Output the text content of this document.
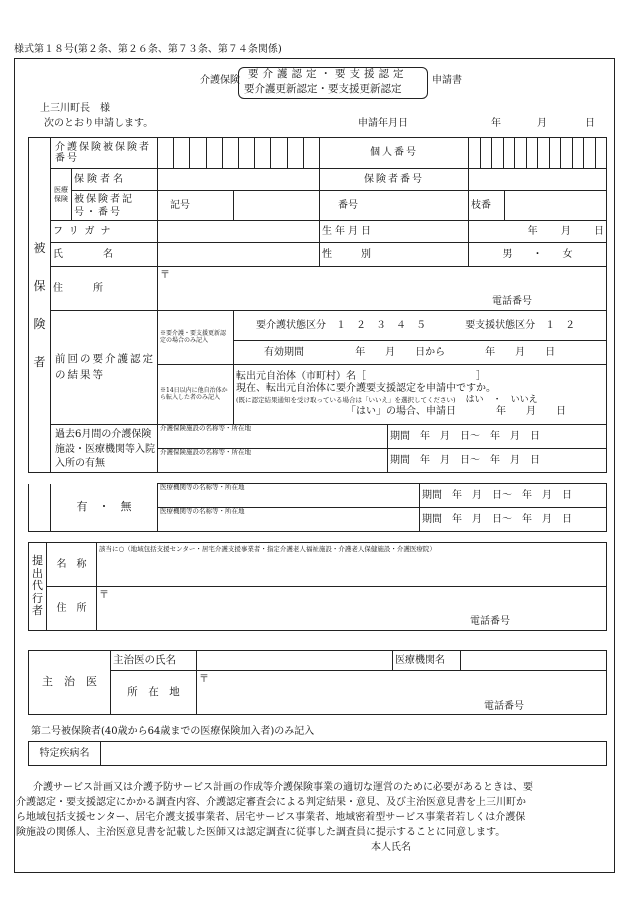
様式第１８号(第２条、第２６条、第７３条、第７４条関係)
介護保険
要介護認定・要支援認定
要介護更新認定・要支援更新認定
申請書
上三川町長　様
次のとおり申請します。	申請年月日	年	月	日
被保険者	介護保険被保険者番号				個人番号			

	医療保険	保険者名			保険者番号			
		被保険者記号・番号	記号	番号			枝番	
	フリガナ				生年月日		年　　 月　　 日	
	氏　　　　名				性　　別		男　　・　　女	
	住　　　所		〒
電話番号					

	前回の要介護認定の結果等		※要介護・要支援更新認定の場合のみ記入	要介護状態区分　１　２　３　４　５ 要支援状態区分　１　２				
				有効期間 年　　月　　日から　　　　年　　月　　日				
			※14日以内に他自治体から転入した者のみ記入	転出元自治体（市町村）名［　　　　　　　　　　　］
現在、転出元自治体に要介護要支援認定を申請中ですか。
(既に認定結果通知を受け取っている場合は「いいえ」を選択してください) はい　・　いいえ
「はい」の場合、申請日　　　　年　　月　　日				

	過去6月間の介護保険施設・医療機関等入院入所の有無		介護保険施設の名称等・所在地			期間　年　月　日～　年　月　日		
			介護保険施設の名称等・所在地			期間　年　月　日～　年　月　日		
	有　・　無	医療機関等の名称等・所在地	期間　年　月　日～　年　月　日
		医療機関等の名称等・所在地	期間　年　月　日～　年　月　日
提出代行者	名　称	該当に○（地域包括支援センター・居宅介護支援事業者・指定介護老人福祉施設・介護老人保健施設・介護医療院）

	住　所	〒
電話番号
主　治　医	主治医の氏名		医療機関名	
	所　在　地	〒
電話番号		
第二号被保険者(40歳から64歳までの医療保険加入者)のみ記入
特定疾病名	
介護サービス計画又は介護予防サービス計画の作成等介護保険事業の適切な運営のために必要があるときは、要
介護認定・要支援認定にかかる調査内容、介護認定審査会による判定結果・意見、及び主治医意見書を上三川町か
ら地域包括支援センター、居宅介護支援事業者、居宅サービス事業者、地域密着型サービス事業者若しくは介護保
険施設の関係人、主治医意見書を記載した医師又は認定調査に従事した調査員に提示することに同意します。
本人氏名
